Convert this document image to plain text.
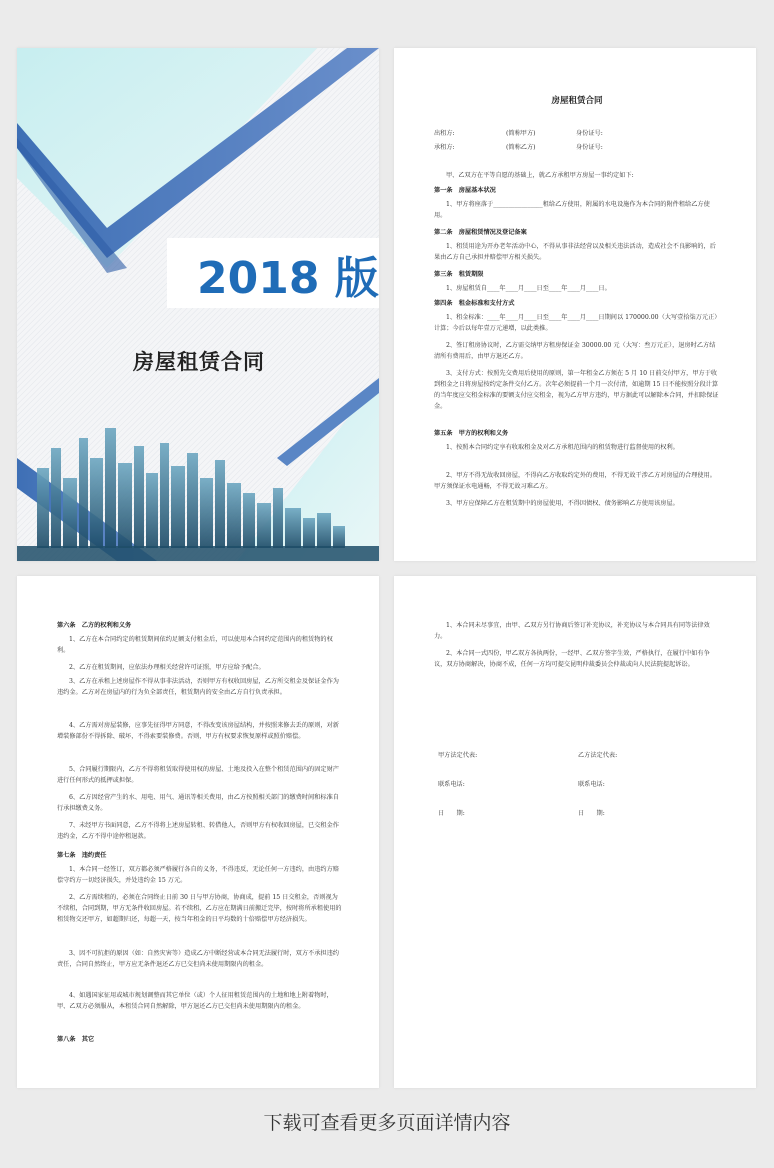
2018 版
房屋租赁合同
房屋租赁合同
出租方:	(简称甲方)	身份证号:
承租方:	(简称乙方)	身份证号:

甲、乙双方在平等自愿的基础上，就乙方承租甲方房屋一事约定如下:

第一条　房屋基本状况

1、甲方将座落于________________租给乙方使用，附属的水电设施作为本合同的附件租给乙方使用。

第二条　房屋租赁情况及登记备案

1、租赁用途为开办老年活动中心，不得从事非法经营以及相关违法活动，造成社会不良影响的，后果由乙方自己承担并赔偿甲方相关损失。

第三条　租赁期限

1、房屋租赁自____年____月____日至____年____月____日。

第四条　租金标准和支付方式

1、租金标准：____年____月____日至____年____月____日期间以 170000.00（大写壹拾柒万元正）计算；今后以每年壹万元递增，以此类推。

2、签订租房协议时，乙方需交纳甲方租房保证金 30000.00 元（大写：叁万元正），退房时乙方结清所有费用后，由甲方退还乙方。

3、支付方式：按照先交费用后使用的原则，第一年租金乙方须在 5 月 10 日前交付甲方，甲方于收到租金之日将房屋按约定条件交付乙方。次年必须提前一个月一次付清，如逾期 15 日不能按照分段计算的当年度应交租金标准的要额支付应交租金，视为乙方甲方违约，甲方据此可以解除本合同，并扣除保证金。

第五条　甲方的权利和义务

1、按照本合同约定享有收取租金及对乙方承租范围内的租赁物进行监督使用的权利。

2、甲方不得无故收回房屋，不得向乙方收取约定外的费用，不得无故干涉乙方对房屋的合理使用。甲方须保证水电通畅，不得无故习难乙方。

3、甲方应保障乙方在租赁期中的房屋使用，不得因债权、债务影响乙方使用该房屋。

第六条　乙方的权利和义务

1、乙方在本合同约定的租赁期间依约足额支付租金后，可以使用本合同约定范围内的租赁物的权利。

2、乙方在租赁期间，应依法办理相关经营许可证照，甲方应给予配合。

3、乙方在承租上述房屋作不得从事非法活动，否则甲方有权收回房屋，乙方所交租金及保证金作为违约金。乙方对在房屋内的行为负全部责任，租赁期内的安全由乙方自行负责承担。

4、乙方需对房屋装修，应事先征得甲方同意，不得改变该房屋结构，并按照来修去丢的原则，对新增装修部份不得拆除、破坏，不得索要装修费。否则，甲方有权要求恢复原样或照价赔偿。

5、合同履行期限内，乙方不得将租赁取得使用权的房屋、土地及投入在整个租赁范围内的固定财产进行任何形式的抵押或担保。

6、乙方因经营产生的水、用电、用气、通讯等相关费用，由乙方按照相关部门的缴费时间和标准自行承担缴费义务。

7、未经甲方书面同意，乙方不得将上述房屋转租、转借他人，否则甲方有权收回房屋，已交租金作违约金，乙方不得中途停租退款。

第七条　违约责任

1、本合同一经签订，双方都必须严格履行各自的义务，不得违反，无论任何一方违约，由违约方赔偿守约方一切经济损失，并处违约金 15 万元。

2、乙方需续租的，必须在合同终止日前 30 日与甲方协商，协商成，提前 15 日交租金，否则视为不续租，合同到期，甲方无条件收回房屋。若不续租，乙方应在期满日前搬迁完毕，按时将所承租使用的租赁物交还甲方，如超期归还，每超一天，按当年租金的日平均数的十倍赔偿甲方经济损失。

3、因不可抗拒的原因（如：自然灾害等）造成乙方中断经营或本合同无法履行时，双方不承担违约责任，合同自然终止，甲方应无条件退还乙方已交但尚未使用期限内的租金。

4、如遇国家征用或城市规划调整而其它单位（或）个人征用租赁范围内的土地和地上附着物时，甲、乙双方必须服从，本租赁合同自然解除，甲方退还乙方已交但尚未使用期限内的租金。

第八条　其它

1、本合同未尽事宜，由甲、乙双方另行协商后签订补充协议，补充协议与本合同具有同等法律效力。

2、本合同一式四份，甲乙双方各执两份，一经甲、乙双方签字生效，严格执行，在履行中如有争议，双方协商解决，协商不成，任何一方均可提交昆明仲裁委员会仲裁或向人民法院提起诉讼。

甲方法定代表:	乙方法定代表:
联系电话:	联系电话:
日　　期:	日　　期:
下载可查看更多页面详情内容
